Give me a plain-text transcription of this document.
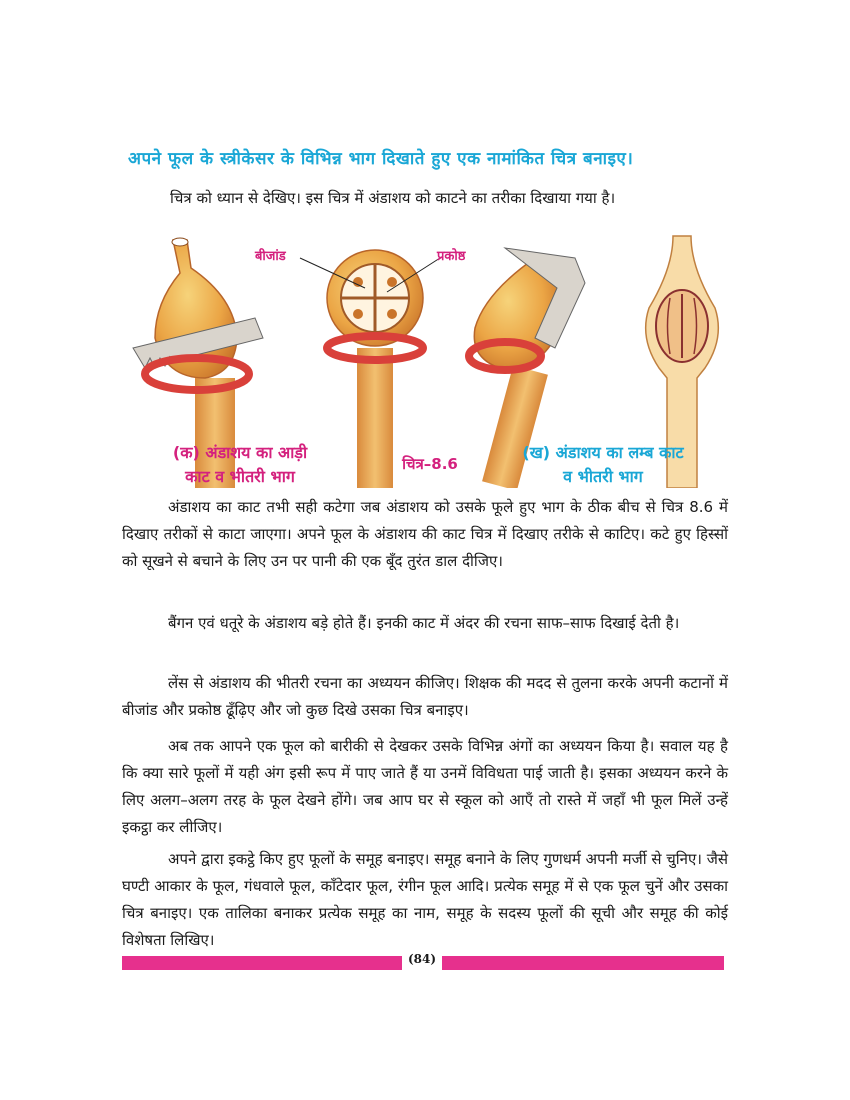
अपने फूल के स्त्रीकेसर के विभिन्न भाग दिखाते हुए एक नामांकित चित्र बनाइए।
चित्र को ध्यान से देखिए। इस चित्र में अंडाशय को काटने का तरीका दिखाया गया है।
बीजांड	प्रकोष्ठ
(क) अंडाशय का आड़ी
काट व भीतरी भाग
चित्र–8.6
(ख) अंडाशय का लम्ब काट
व भीतरी भाग

अंडाशय का काट तभी सही कटेगा जब अंडाशय को उसके फूले हुए भाग के ठीक बीच से चित्र 8.6 में दिखाए तरीकों से काटा जाएगा। अपने फूल के अंडाशय की काट चित्र में दिखाए तरीके से काटिए। कटे हुए हिस्सों को सूखने से बचाने के लिए उन पर पानी की एक बूँद तुरंत डाल दीजिए।

बैंगन एवं धतूरे के अंडाशय बड़े होते हैं। इनकी काट में अंदर की रचना साफ–साफ दिखाई देती है।

लेंस से अंडाशय की भीतरी रचना का अध्ययन कीजिए। शिक्षक की मदद से तुलना करके अपनी कटानों में बीजांड और प्रकोष्ठ ढूँढ़िए और जो कुछ दिखे उसका चित्र बनाइए।

अब तक आपने एक फूल को बारीकी से देखकर उसके विभिन्न अंगों का अध्ययन किया है। सवाल यह है कि क्या सारे फूलों में यही अंग इसी रूप में पाए जाते हैं या उनमें विविधता पाई जाती है। इसका अध्ययन करने के लिए अलग–अलग तरह के फूल देखने होंगे। जब आप घर से स्कूल को आएँ तो रास्ते में जहाँ भी फूल मिलें उन्हें इकट्ठा कर लीजिए।

अपने द्वारा इकट्ठे किए हुए फूलों के समूह बनाइए। समूह बनाने के लिए गुणधर्म अपनी मर्जी से चुनिए। जैसे घण्टी आकार के फूल, गंधवाले फूल, काँटेदार फूल, रंगीन फूल आदि। प्रत्येक समूह में से एक फूल चुनें और उसका चित्र बनाइए। एक तालिका बनाकर प्रत्येक समूह का नाम, समूह के सदस्य फूलों की सूची और समूह की कोई विशेषता लिखिए।

(84)
